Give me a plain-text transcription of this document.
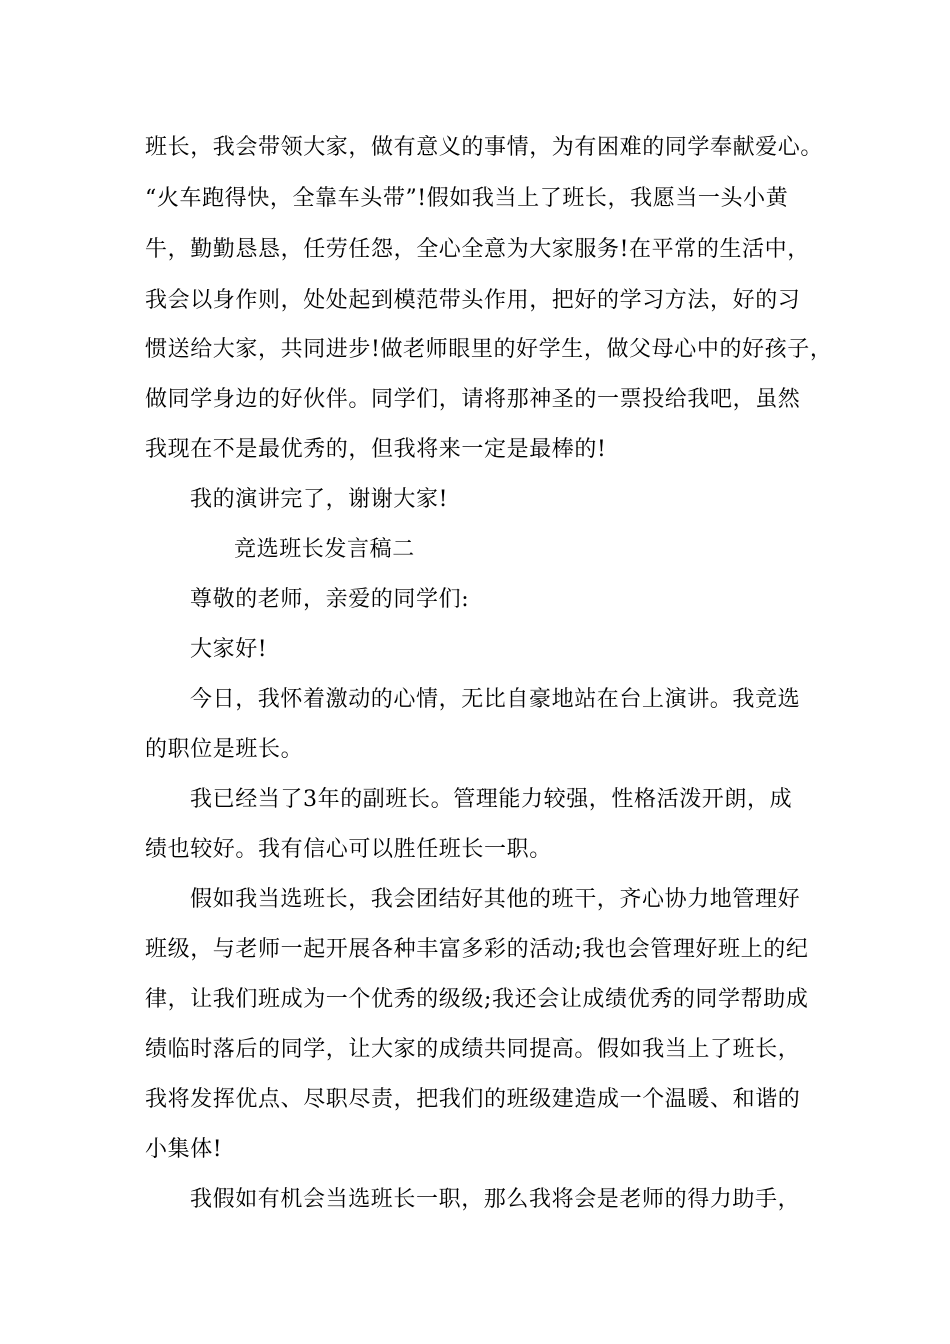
班长，我会带领大家，做有意义的事情，为有困难的同学奉献爱心。
“火车跑得快，全靠车头带”!假如我当上了班长，我愿当一头小黄
牛，勤勤恳恳，任劳任怨，全心全意为大家服务!在平常的生活中，
我会以身作则，处处起到模范带头作用，把好的学习方法，好的习
惯送给大家，共同进步!做老师眼里的好学生，做父母心中的好孩子，
做同学身边的好伙伴。同学们，请将那神圣的一票投给我吧，虽然
我现在不是最优秀的，但我将来一定是最棒的!
我的演讲完了，谢谢大家!
竞选班长发言稿二
尊敬的老师，亲爱的同学们:
大家好!
今日，我怀着激动的心情，无比自豪地站在台上演讲。我竞选
的职位是班长。
我已经当了3年的副班长。管理能力较强，性格活泼开朗，成
绩也较好。我有信心可以胜任班长一职。
假如我当选班长，我会团结好其他的班干，齐心协力地管理好
班级，与老师一起开展各种丰富多彩的活动;我也会管理好班上的纪
律，让我们班成为一个优秀的级级;我还会让成绩优秀的同学帮助成
绩临时落后的同学，让大家的成绩共同提高。假如我当上了班长，
我将发挥优点、尽职尽责，把我们的班级建造成一个温暖、和谐的
小集体!
我假如有机会当选班长一职，那么我将会是老师的得力助手，
